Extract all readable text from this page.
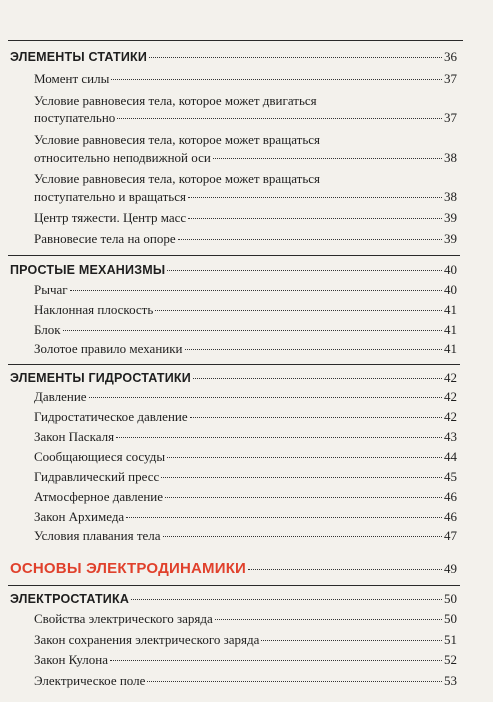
ЭЛЕМЕНТЫ СТАТИКИ	36
Момент силы	37
Условие равновесия тела, которое может двигаться
поступательно	37
Условие равновесия тела, которое может вращаться
относительно неподвижной оси	38
Условие равновесия тела, которое может вращаться
поступательно и вращаться	38
Центр тяжести. Центр масс	39
Равновесие тела на опоре	39
ПРОСТЫЕ МЕХАНИЗМЫ	40
Рычаг	40
Наклонная плоскость	41
Блок	41
Золотое правило механики	41
ЭЛЕМЕНТЫ ГИДРОСТАТИКИ	42
Давление	42
Гидростатическое давление	42
Закон Паскаля	43
Сообщающиеся сосуды	44
Гидравлический пресс	45
Атмосферное давление	46
Закон Архимеда	46
Условия плавания тела	47
ОСНОВЫ ЭЛЕКТРОДИНАМИКИ	49
ЭЛЕКТРОСТАТИКА	50
Свойства электрического заряда	50
Закон сохранения электрического заряда	51
Закон Кулона	52
Электрическое поле	53
